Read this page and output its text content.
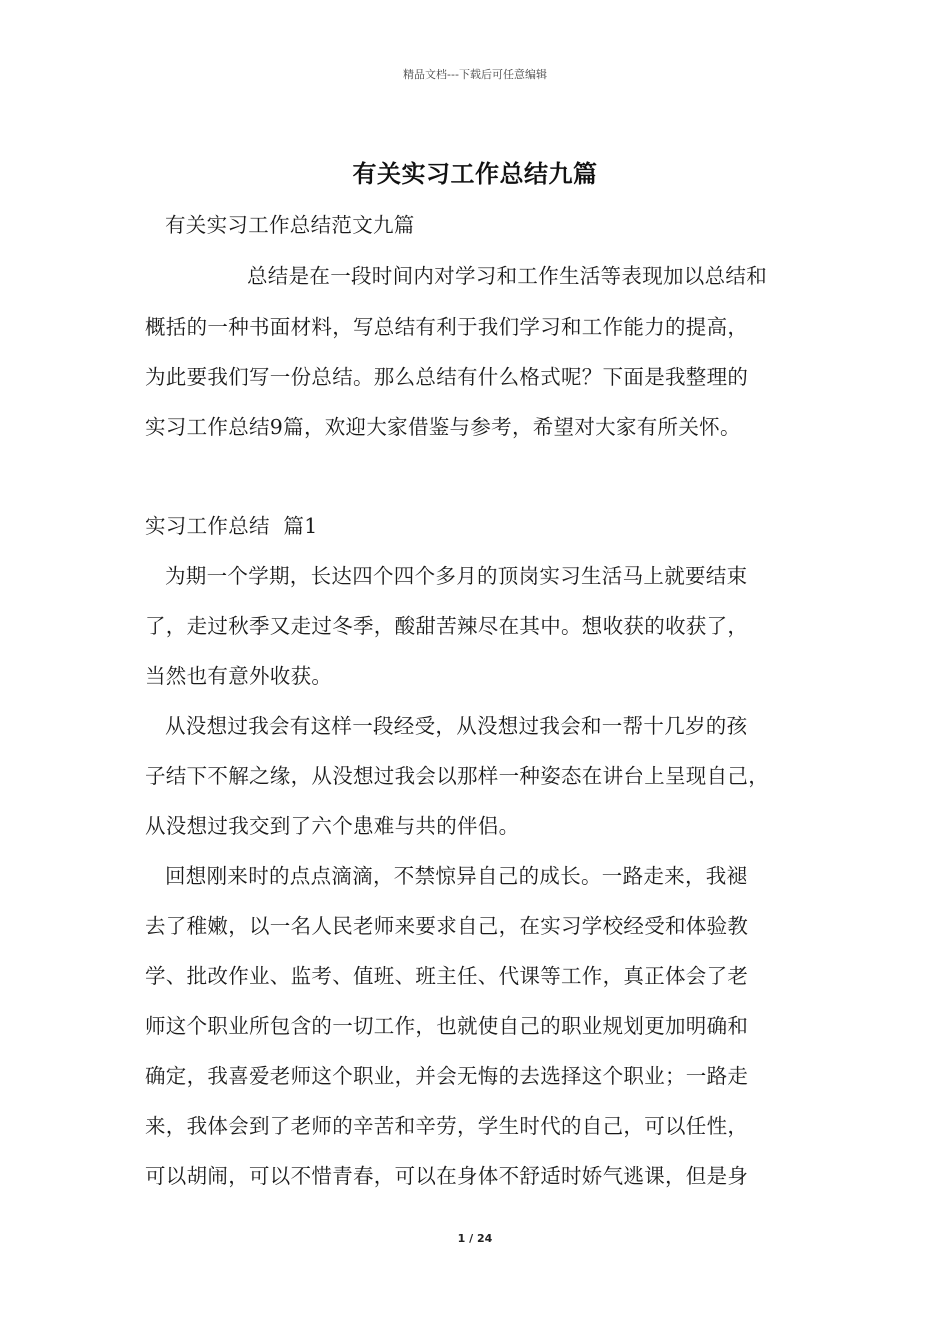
精品文档---下载后可任意编辑
有关实习工作总结九篇
有关实习工作总结范文九篇
总结是在一段时间内对学习和工作生活等表现加以总结和
概括的一种书面材料，写总结有利于我们学习和工作能力的提高，
为此要我们写一份总结。那么总结有什么格式呢？下面是我整理的
实习工作总结9篇，欢迎大家借鉴与参考，希望对大家有所关怀。
实习工作总结  篇1
为期一个学期，长达四个四个多月的顶岗实习生活马上就要结束
了，走过秋季又走过冬季，酸甜苦辣尽在其中。想收获的收获了，
当然也有意外收获。
从没想过我会有这样一段经受，从没想过我会和一帮十几岁的孩
子结下不解之缘，从没想过我会以那样一种姿态在讲台上呈现自己，
从没想过我交到了六个患难与共的伴侣。
回想刚来时的点点滴滴，不禁惊异自己的成长。一路走来，我褪
去了稚嫩，以一名人民老师来要求自己，在实习学校经受和体验教
学、批改作业、监考、值班、班主任、代课等工作，真正体会了老
师这个职业所包含的一切工作，也就使自己的职业规划更加明确和
确定，我喜爱老师这个职业，并会无悔的去选择这个职业；一路走
来，我体会到了老师的辛苦和辛劳，学生时代的自己，可以任性，
可以胡闹，可以不惜青春，可以在身体不舒适时娇气逃课，但是身
1 / 24
